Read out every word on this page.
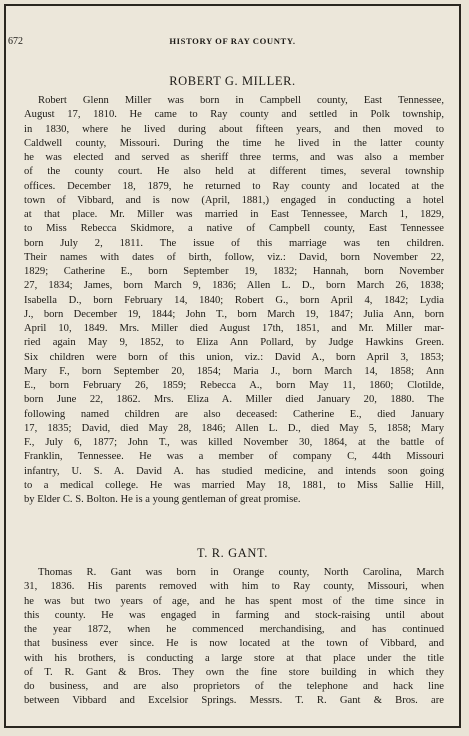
672	HISTORY OF RAY COUNTY.
ROBERT G. MILLER.
Robert Glenn Miller was born in Campbell county, East Tennessee,
August 17, 1810. He came to Ray county and settled in Polk township,
in 1830, where he lived during about fifteen years, and then moved to
Caldwell county, Missouri. During the time he lived in the latter county
he was elected and served as sheriff three terms, and was also a member
of the county court. He also held at different times, several township
offices. December 18, 1879, he returned to Ray county and located at the
town of Vibbard, and is now (April, 1881,) engaged in conducting a hotel
at that place. Mr. Miller was married in East Tennessee, March 1, 1829,
to Miss Rebecca Skidmore, a native of Campbell county, East Tennessee
born July 2, 1811. The issue of this marriage was ten children.
Their names with dates of birth, follow, viz.: David, born November 22,
1829; Catherine E., born September 19, 1832; Hannah, born November
27, 1834; James, born March 9, 1836; Allen L. D., born March 26, 1838;
Isabella D., born February 14, 1840; Robert G., born April 4, 1842; Lydia
J., born December 19, 1844; John T., born March 19, 1847; Julia Ann, born
April 10, 1849. Mrs. Miller died August 17th, 1851, and Mr. Miller mar-
ried again May 9, 1852, to Eliza Ann Pollard, by Judge Hawkins Green.
Six children were born of this union, viz.: David A., born April 3, 1853;
Mary F., born September 20, 1854; Maria J., born March 14, 1858; Ann
E., born February 26, 1859; Rebecca A., born May 11, 1860; Clotilde,
born June 22, 1862. Mrs. Eliza A. Miller died January 20, 1880. The
following named children are also deceased: Catherine E., died January
17, 1835; David, died May 28, 1846; Allen L. D., died May 5, 1858; Mary
F., July 6, 1877; John T., was killed November 30, 1864, at the battle of
Franklin, Tennessee. He was a member of company C, 44th Missouri
infantry, U. S. A. David A. has studied medicine, and intends soon going
to a medical college. He was married May 18, 1881, to Miss Sallie Hill,
by Elder C. S. Bolton. He is a young gentleman of great promise.
T. R. GANT.
Thomas R. Gant was born in Orange county, North Carolina, March
31, 1836. His parents removed with him to Ray county, Missouri, when
he was but two years of age, and he has spent most of the time since in
this county. He was engaged in farming and stock-raising until about
the year 1872, when he commenced merchandising, and has continued
that business ever since. He is now located at the town of Vibbard, and
with his brothers, is conducting a large store at that place under the title
of T. R. Gant & Bros. They own the fine store building in which they
do business, and are also proprietors of the telephone and hack line
between Vibbard and Excelsior Springs. Messrs. T. R. Gant & Bros. are
